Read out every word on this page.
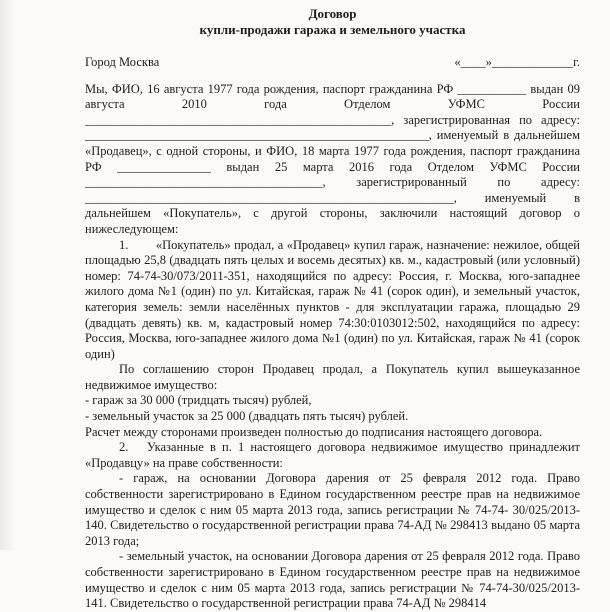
Договор
купли-продажи гаража и земельного участка
Город Москва	«____»_____________г.

Мы, ФИО, 16 августа 1977 года рождения, паспорт гражданина РФ ___________ выдан 09 августа 2010 года Отделом УФМС России _________________________________________________, зарегистрированная по адресу: _______________________________________________________, именуемый в дальнейшем «Продавец», с одной стороны, и ФИО, 18 марта 1977 года рождения, паспорт гражданина РФ _______________ выдан 25 марта 2016 года Отделом УФМС России ______________________________________, зарегистрированный по адресу: ___________________________________________________________, именуемый в дальнейшем «Покупатель», с другой стороны, заключили настоящий договор о нижеследующем:

1.        «Покупатель» продал, а «Продавец» купил гараж, назначение: нежилое, общей площадью 25,8 (двадцать пять целых и восемь десятых) кв. м., кадастровый (или условный) номер: 74-74-30/073/2011-351, находящийся по адресу: Россия, г. Москва, юго-западнее жилого дома №1 (один) по ул. Китайская, гараж № 41 (сорок один), и земельный участок, категория земель: земли населённых пунктов - для эксплуатации гаража, площадью 29 (двадцать девять) кв. м, кадастровый номер 74:30:0103012:502, находящийся по адресу: Россия, Москва, юго-западнее жилого дома №1 (один) по ул. Китайская, гараж № 41 (сорок один)

По соглашению сторон Продавец продал, а Покупатель купил вышеуказанное недвижимое имущество:

- гараж за 30 000 (тридцать тысяч) рублей,

- земельный участок за 25 000 (двадцать пять тысяч) рублей.

Расчет между сторонами произведен полностью до подписания настоящего договора.

2.   Указанные в п. 1 настоящего договора недвижимое имущество принадлежит «Продавцу» на праве собственности:

- гараж, на основании Договора дарения от 25 февраля 2012 года. Право собственности зарегистрировано в Едином государственном реестре прав на недвижимое имущество и сделок с ним 05 марта 2013 года, запись регистрации № 74-74- 30/025/2013-140. Свидетельство о государственной регистрации права 74-АД № 298413 выдано 05 марта 2013 года;

- земельный участок, на основании Договора дарения от 25 февраля 2012 года. Право собственности зарегистрировано в Едином государственном реестре прав на недвижимое имущество и сделок с ним 05 марта 2013 года, запись регистрации № 74-74-30/025/2013-141. Свидетельство о государственной регистрации права 74-АД № 298414
